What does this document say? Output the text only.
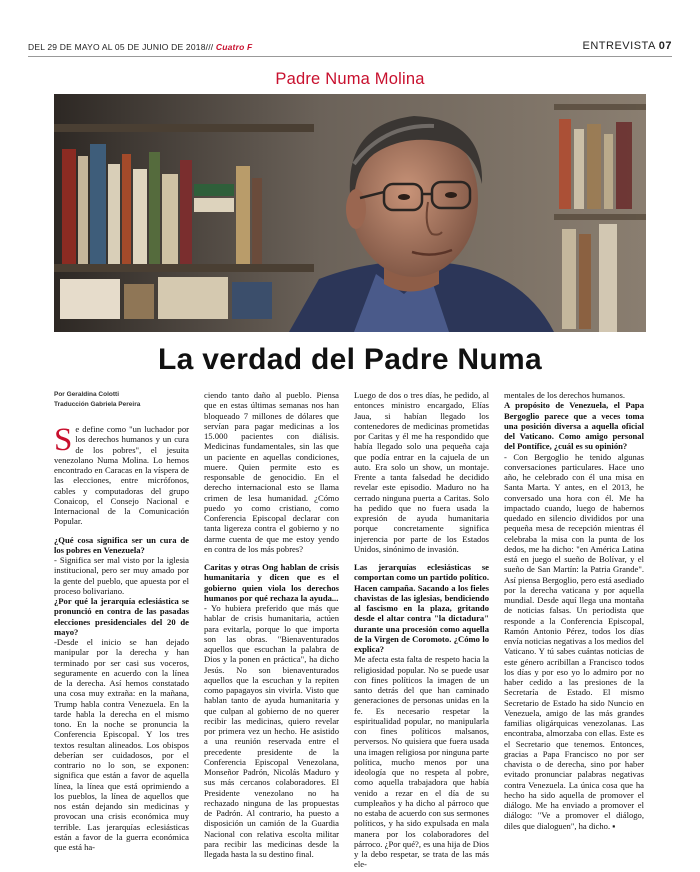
DEL 29 DE MAYO AL 05 DE JUNIO DE 2018/// Cuatro F	ENTREVISTA 07
Padre Numa Molina
La verdad del Padre Numa
Por Geraldina Colotti
Traducción Gabriela Pereira

Se define como "un luchador por los derechos humanos y un cura de los pobres", el jesuita venezolano Numa Molina. Lo hemos encontrado en Caracas en la víspera de las elecciones, entre micrófonos, cables y computadoras del grupo Conaicop, el Consejo Nacional e Internacional de la Comunicación Popular.

¿Qué cosa significa ser un cura de los pobres en Venezuela?

- Significa ser mal visto por la iglesia institucional, pero ser muy amado por la gente del pueblo, que apuesta por el proceso bolivariano.

¿Por qué la jerarquía eclesiástica se pronunció en contra de las pasadas elecciones presidenciales del 20 de mayo?

-Desde el inicio se han dejado manipular por la derecha y han terminado por ser casi sus voceros, seguramente en acuerdo con la línea de la derecha. Así hemos constatado una cosa muy extraña: en la mañana, Trump habla contra Venezuela. En la tarde habla la derecha en el mismo tono. En la noche se pronuncia la Conferencia Episcopal. Y los tres textos resultan alineados. Los obispos deberían ser cuidadosos, por el contrario no lo son, se exponen: significa que están a favor de aquella línea, la línea que está oprimiendo a los pueblos, la línea de aquellos que nos están dejando sin medicinas y provocan una crisis económica muy terrible. Las jerarquías eclesiásticas están a favor de la guerra económica que está ha-

ciendo tanto daño al pueblo. Piensa que en estas últimas semanas nos han bloqueado 7 millones de dólares que servían para pagar medicinas a los 15.000 pacientes con diálisis. Medicinas fundamentales, sin las que un paciente en aquellas condiciones, muere. Quien permite esto es responsable de genocidio. En el derecho internacional esto se llama crimen de lesa humanidad. ¿Cómo puedo yo como cristiano, como Conferencia Episcopal declarar con tanta ligereza contra el gobierno y no darme cuenta de que me estoy yendo en contra de los más pobres?

Caritas y otras Ong hablan de crisis humanitaria y dicen que es el gobierno quien viola los derechos humanos por qué rechaza la ayuda...

- Yo hubiera preferido que más que hablar de crisis humanitaria, actúen para evitarla, porque lo que importa son las obras. "Bienaventurados aquellos que escuchan la palabra de Dios y la ponen en práctica", ha dicho Jesús. No son bienaventurados aquellos que la escuchan y la repiten como papagayos sin vivirla. Visto que hablan tanto de ayuda humanitaria y que culpan al gobierno de no querer recibir las medicinas, quiero revelar por primera vez un hecho. He asistido a una reunión reservada entre el precedente presidente de la Conferencia Episcopal Venezolana, Monseñor Padrón, Nicolás Maduro y sus más cercanos colaboradores. El Presidente venezolano no ha rechazado ninguna de las propuestas de Padrón. Al contrario, ha puesto a disposición un camión de la Guardia Nacional con relativa escolta militar para recibir las medicinas desde la llegada hasta la su destino final.

Luego de dos o tres días, he pedido, al entonces ministro encargado, Elías Jaua, si habían llegado los contenedores de medicinas prometidas por Caritas y él me ha respondido que había llegado solo una pequeña caja que podía entrar en la cajuela de un auto. Era solo un show, un montaje. Frente a tanta falsedad he decidido revelar este episodio. Maduro no ha cerrado ninguna puerta a Caritas. Solo ha pedido que no fuera usada la expresión de ayuda humanitaria porque concretamente significa injerencia por parte de los Estados Unidos, sinónimo de invasión.

Las jerarquías eclesiásticas se comportan como un partido político. Hacen campaña. Sacando a los fieles chavistas de las iglesias, bendiciendo al fascismo en la plaza, gritando desde el altar contra "la dictadura" durante una procesión como aquella de la Virgen de Coromoto. ¿Cómo lo explica?

Me afecta esta falta de respeto hacia la religiosidad popular. No se puede usar con fines políticos la imagen de un santo detrás del que han caminado generaciones de personas unidas en la fe. Es necesario respetar la espiritualidad popular, no manipularla con fines políticos malsanos, perversos. No quisiera que fuera usada una imagen religiosa por ninguna parte política, mucho menos por una ideología que no respeta al pobre, como aquella trabajadora que había venido a rezar en el día de su cumpleaños y ha dicho al párroco que no estaba de acuerdo con sus sermones políticos, y ha sido expulsada en mala manera por los colaboradores del párroco. ¿Por qué?, es una hija de Dios y la debo respetar, se trata de las más ele-

mentales de los derechos humanos.

A propósito de Venezuela, el Papa Bergoglio parece que a veces toma una posición diversa a aquella oficial del Vaticano. Como amigo personal del Pontífice, ¿cuál es su opinión?

- Con Bergoglio he tenido algunas conversaciones particulares. Hace uno año, he celebrado con él una misa en Santa Marta. Y antes, en el 2013, he conversado una hora con él. Me ha impactado cuando, luego de habernos quedado en silencio divididos por una pequeña mesa de recepción mientras él celebraba la misa con la punta de los dedos, me ha dicho: "en América Latina está en juego el sueño de Bolívar, y el sueño de San Martín: la Patria Grande". Así piensa Bergoglio, pero está asediado por la derecha vaticana y por aquella mundial. Desde aquí llega una montaña de noticias falsas. Un periodista que responde a la Conferencia Episcopal, Ramón Antonio Pérez, todos los días envía noticias negativas a los medios del Vaticano. Y tú sabes cuántas noticias de este género acribillan a Francisco todos los días y por eso yo lo admiro por no haber cedido a las presiones de la Secretaría de Estado. El mismo Secretario de Estado ha sido Nuncio en Venezuela, amigo de las más grandes familias oligárquicas venezolanas. Las encontraba, almorzaba con ellas. Este es el Secretario que tenemos. Entonces, gracias a Papa Francisco no por ser chavista o de derecha, sino por haber evitado pronunciar palabras negativas contra Venezuela. La única cosa que ha hecho ha sido aquella de promover el diálogo. Me ha enviado a promover el diálogo: "Ve a promover el diálogo, diles que dialoguen", ha dicho. ▪
